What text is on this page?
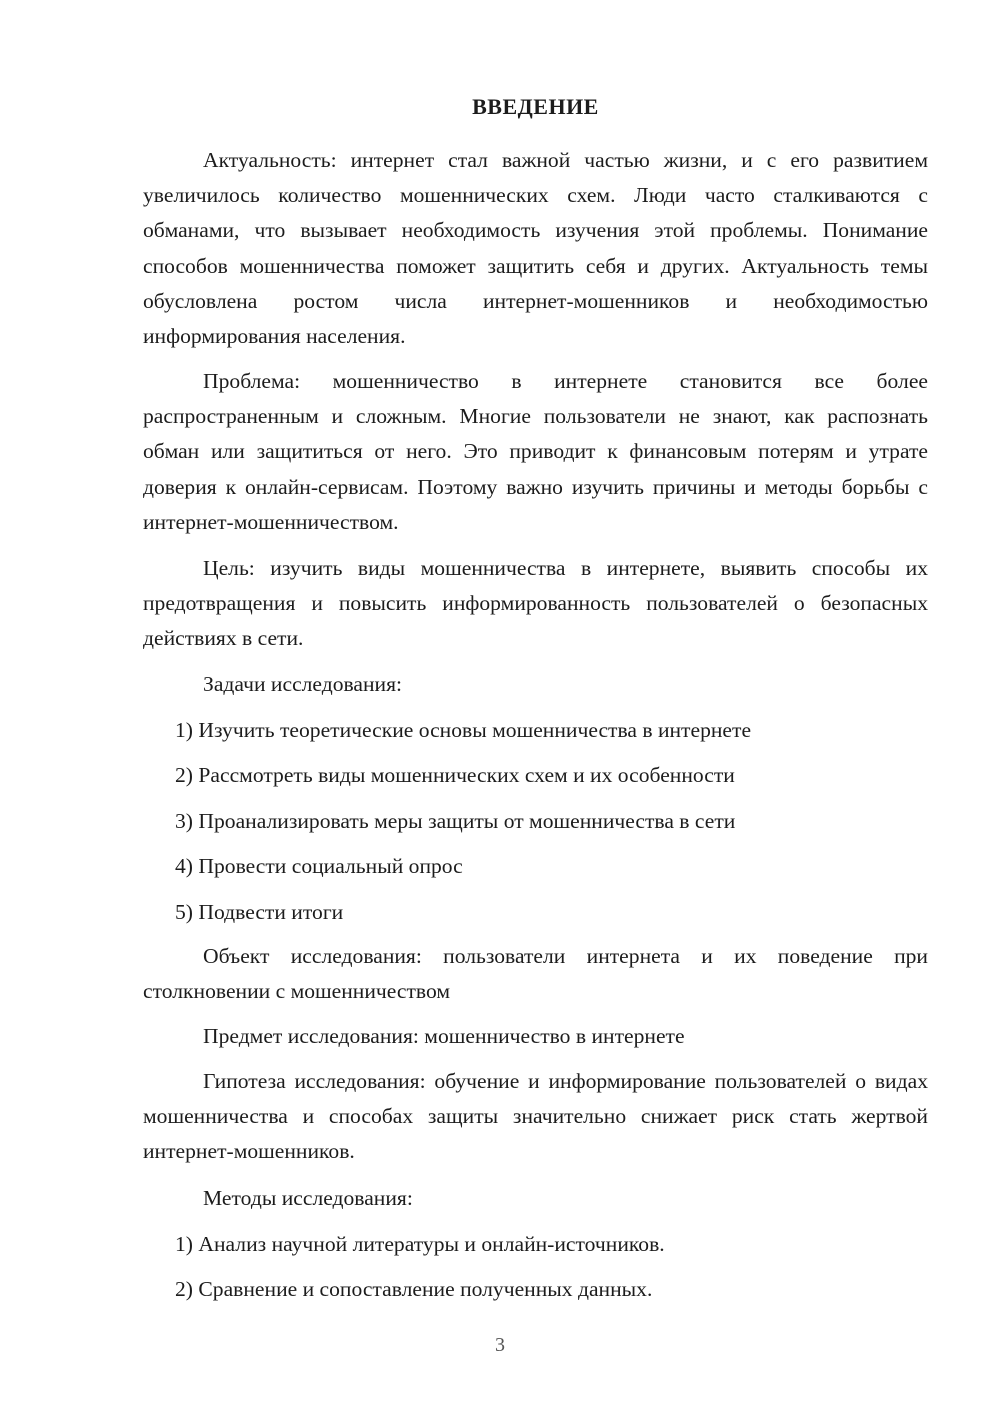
ВВЕДЕНИЕ

Актуальность: интернет стал важной частью жизни, и с его развитием увеличилось количество мошеннических схем. Люди часто сталкиваются с обманами, что вызывает необходимость изучения этой проблемы. Понимание способов мошенничества поможет защитить себя и других. Актуальность темы обусловлена ростом числа интернет-мошенников и необходимостью информирования населения.

Проблема: мошенничество в интернете становится все более распространенным и сложным. Многие пользователи не знают, как распознать обман или защититься от него. Это приводит к финансовым потерям и утрате доверия к онлайн-сервисам. Поэтому важно изучить причины и методы борьбы с интернет-мошенничеством.

Цель: изучить виды мошенничества в интернете, выявить способы их предотвращения и повысить информированность пользователей о безопасных действиях в сети.

Задачи исследования:

1) Изучить теоретические основы мошенничества в интернете
2) Рассмотреть виды мошеннических схем и их особенности
3) Проанализировать меры защиты от мошенничества в сети
4) Провести социальный опрос
5) Подвести итоги

Объект исследования: пользователи интернета и их поведение при столкновении с мошенничеством

Предмет исследования: мошенничество в интернете

Гипотеза исследования: обучение и информирование пользователей о видах мошенничества и способах защиты значительно снижает риск стать жертвой интернет-мошенников.

Методы исследования:

1) Анализ научной литературы и онлайн-источников.
2) Сравнение и сопоставление полученных данных.
3
